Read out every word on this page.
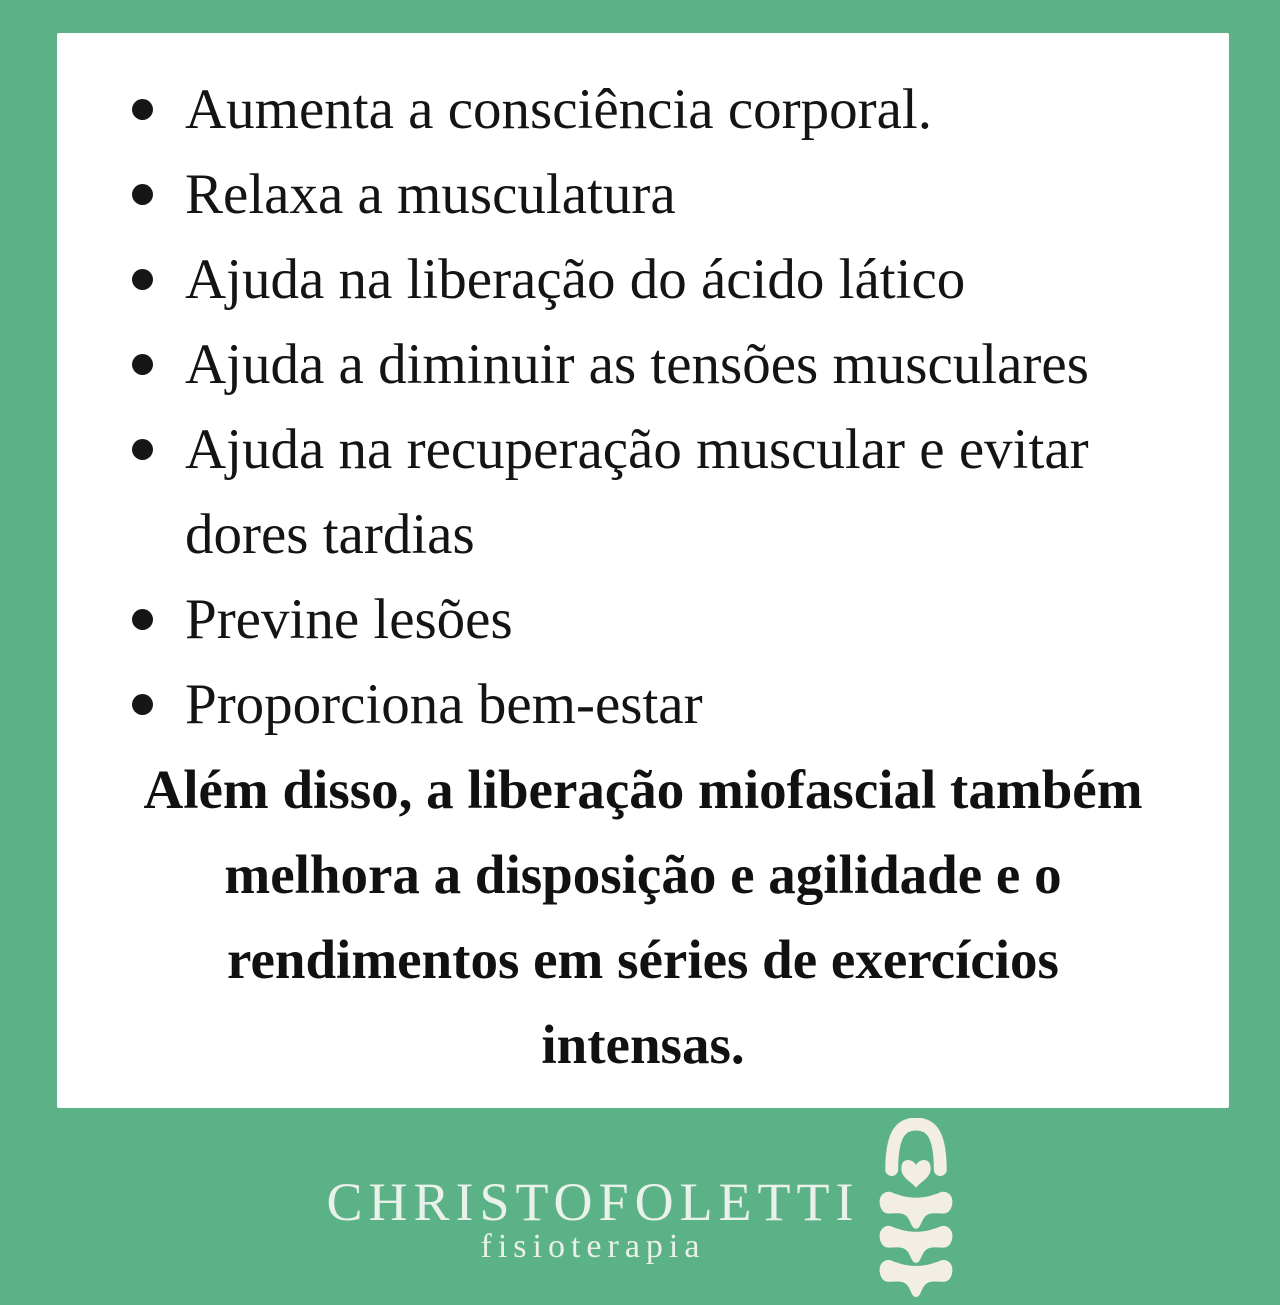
Aumenta a consciência corporal.
Relaxa a musculatura
Ajuda na liberação do ácido lático
Ajuda a diminuir as tensões musculares
Ajuda na recuperação muscular e evitar dores tardias
Previne lesões
Proporciona bem-estar
Além disso, a liberação miofascial também
melhora a disposição e agilidade e o
rendimentos em séries de exercícios
intensas.
CHRISTOFOLETTI
fisioterapia
